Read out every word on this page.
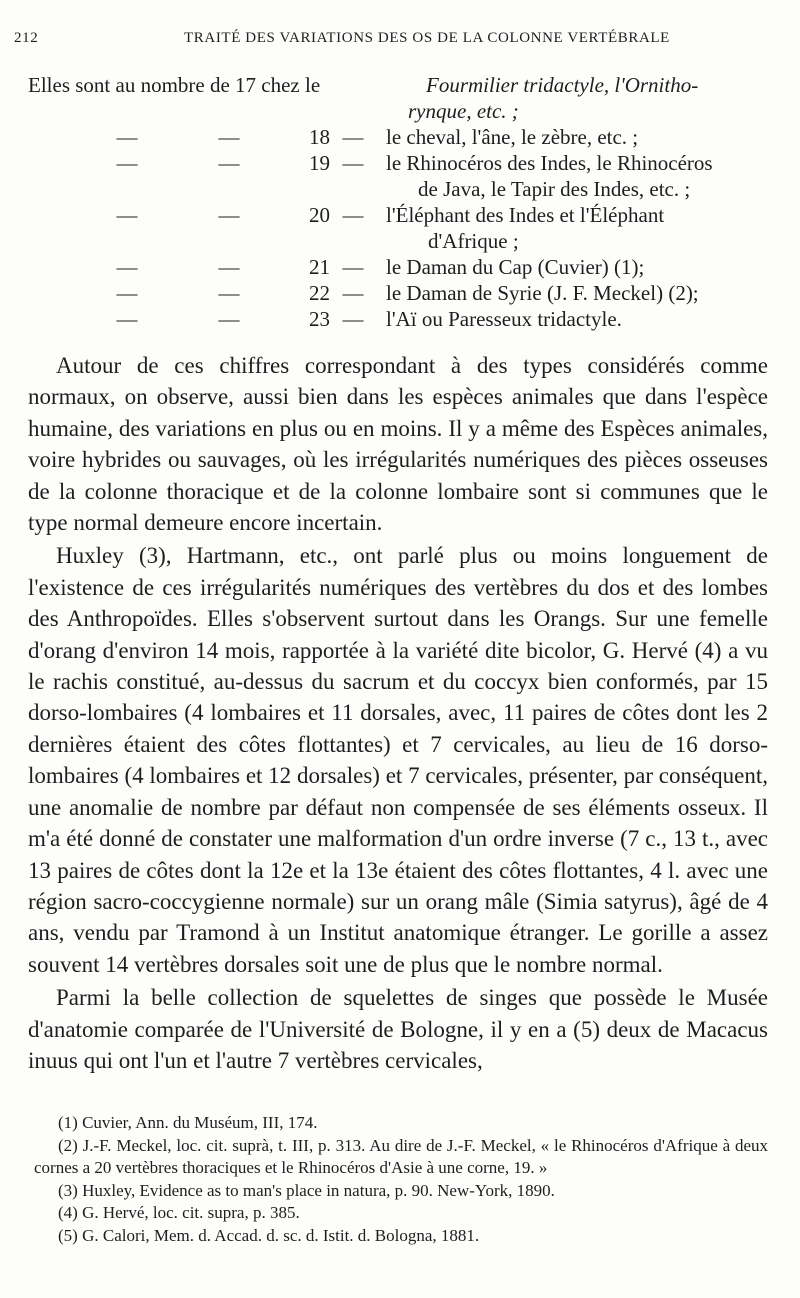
212	TRAITÉ DES VARIATIONS DES OS DE LA COLONNE VERTÉBRALE
Elles sont au nombre de 17 chez le	Fourmilier tridactyle, l'Ornitho-
rynque, etc. ;
—	—	18 — le cheval, l'âne, le zèbre, etc. ;
—	—	19 — le Rhinocéros des Indes, le Rhinocéros
de Java, le Tapir des Indes, etc. ;
—	—	20 — l'Éléphant des Indes et l'Éléphant
d'Afrique ;
—	—	21 — le Daman du Cap (Cuvier) (1);
—	—	22 — le Daman de Syrie (J. F. Meckel) (2);
—	—	23 — l'Aï ou Paresseux tridactyle.

Autour de ces chiffres correspondant à des types considérés comme normaux, on observe, aussi bien dans les espèces animales que dans l'espèce humaine, des variations en plus ou en moins. Il y a même des Espèces animales, voire hybrides ou sauvages, où les irrégularités numériques des pièces osseuses de la colonne thoracique et de la colonne lombaire sont si communes que le type normal demeure encore incertain.

Huxley (3), Hartmann, etc., ont parlé plus ou moins longuement de l'existence de ces irrégularités numériques des vertèbres du dos et des lombes des Anthropoïdes. Elles s'observent surtout dans les Orangs. Sur une femelle d'orang d'environ 14 mois, rapportée à la variété dite bicolor, G. Hervé (4) a vu le rachis constitué, au-dessus du sacrum et du coccyx bien conformés, par 15 dorso-lombaires (4 lombaires et 11 dorsales, avec, 11 paires de côtes dont les 2 dernières étaient des côtes flottantes) et 7 cervicales, au lieu de 16 dorso-lombaires (4 lombaires et 12 dorsales) et 7 cervicales, présenter, par conséquent, une anomalie de nombre par défaut non compensée de ses éléments osseux. Il m'a été donné de constater une malformation d'un ordre inverse (7 c., 13 t., avec 13 paires de côtes dont la 12e et la 13e étaient des côtes flottantes, 4 l. avec une région sacro-coccygienne normale) sur un orang mâle (Simia satyrus), âgé de 4 ans, vendu par Tramond à un Institut anatomique étranger. Le gorille a assez souvent 14 vertèbres dorsales soit une de plus que le nombre normal.

Parmi la belle collection de squelettes de singes que possède le Musée d'anatomie comparée de l'Université de Bologne, il y en a (5) deux de Macacus inuus qui ont l'un et l'autre 7 vertèbres cervicales,

(1) Cuvier, Ann. du Muséum, III, 174.

(2) J.-F. Meckel, loc. cit. suprà, t. III, p. 313. Au dire de J.-F. Meckel, « le Rhinocéros d'Afrique à deux cornes a 20 vertèbres thoraciques et le Rhinocéros d'Asie à une corne, 19. »

(3) Huxley, Evidence as to man's place in natura, p. 90. New-York, 1890.

(4) G. Hervé, loc. cit. supra, p. 385.

(5) G. Calori, Mem. d. Accad. d. sc. d. Istit. d. Bologna, 1881.
